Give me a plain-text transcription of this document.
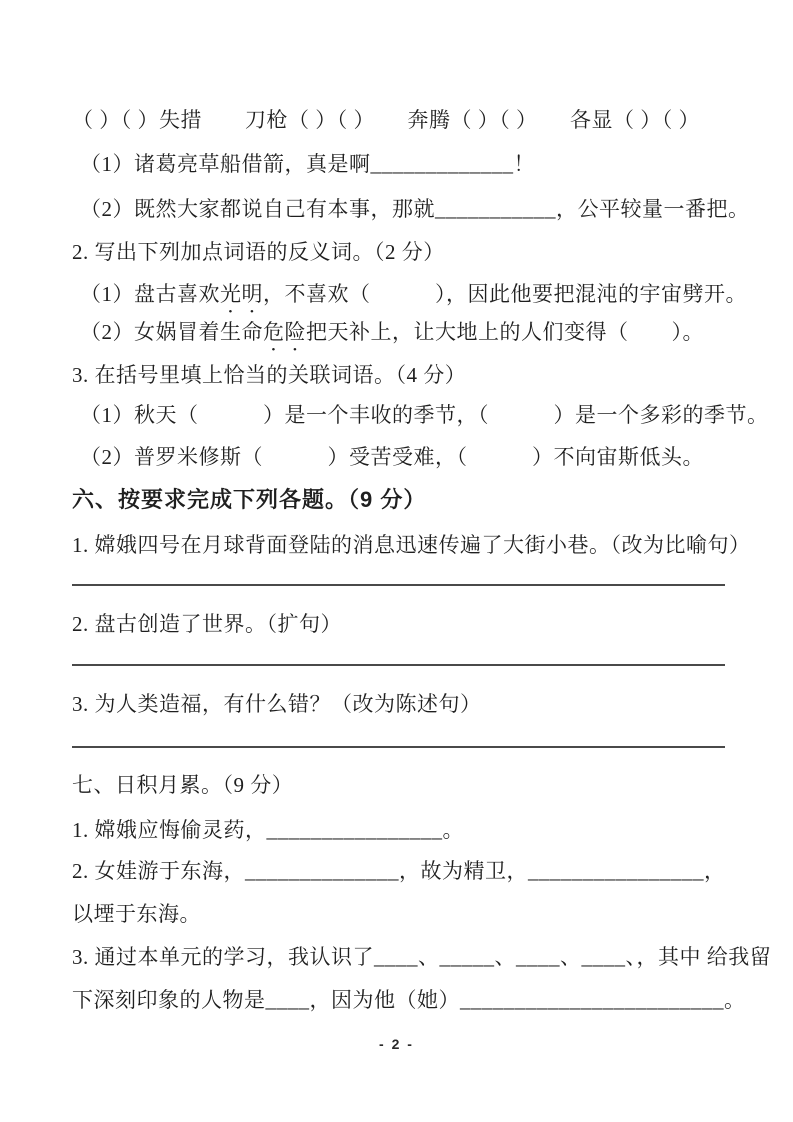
（ ）（ ）失措　　刀枪（ ）（ ）　　奔腾（ ）（ ）　　各显（ ）（ ）

（1）诸葛亮草船借箭，真是啊_____________！

（2）既然大家都说自己有本事，那就___________，公平较量一番把。

2. 写出下列加点词语的反义词。（2 分）

（1）盘古喜欢光明，不喜欢（　　　），因此他要把混沌的宇宙劈开。

（2）女娲冒着生命危险把天补上，让大地上的人们变得（　　）。

3. 在括号里填上恰当的关联词语。（4 分）

（1）秋天（　　　）是一个丰收的季节，（　　　）是一个多彩的季节。

（2）普罗米修斯（　　　）受苦受难，（　　　）不向宙斯低头。

六、按要求完成下列各题。（9 分）

1. 嫦娥四号在月球背面登陆的消息迅速传遍了大街小巷。（改为比喻句）

2. 盘古创造了世界。（扩句）

3. 为人类造福，有什么错？（改为陈述句）

七、日积月累。（9 分）

1. 嫦娥应悔偷灵药，________________。

2. 女娃游于东海，______________，故为精卫，________________，

以堙于东海。

3. 通过本单元的学习，我认识了____、_____、____、____、，其中 给我留

下深刻印象的人物是____，因为他（她）________________________。

- 2 -
